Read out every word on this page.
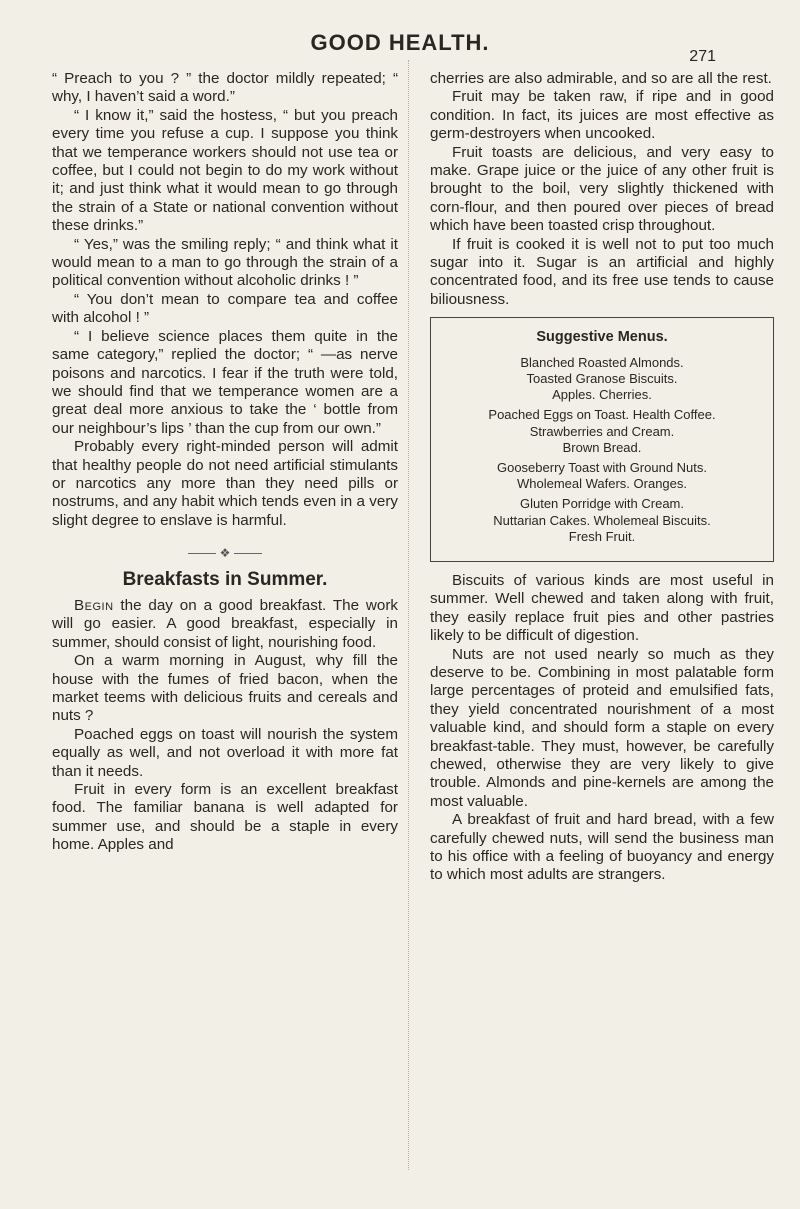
GOOD HEALTH.
271

“ Preach to you ? ” the doctor mildly repeated; “ why, I haven’t said a word.”

“ I know it,” said the hostess, “ but you preach every time you refuse a cup. I suppose you think that we temperance workers should not use tea or coffee, but I could not begin to do my work without it; and just think what it would mean to go through the strain of a State or national convention without these drinks.”

“ Yes,” was the smiling reply; “ and think what it would mean to a man to go through the strain of a political convention without alcoholic drinks ! ”

“ You don’t mean to compare tea and coffee with alcohol ! ”

“ I believe science places them quite in the same category,” replied the doctor; “ —as nerve poisons and narcotics. I fear if the truth were told, we should find that we temperance women are a great deal more anxious to take the ‘ bottle from our neighbour’s lips ’ than the cup from our own.”

Probably every right-minded person will admit that healthy people do not need artificial stimulants or narcotics any more than they need pills or nostrums, and any habit which tends even in a very slight degree to enslave is harmful.

❖
Breakfasts in Summer.

Begin the day on a good breakfast. The work will go easier. A good breakfast, especially in summer, should consist of light, nourishing food.

On a warm morning in August, why fill the house with the fumes of fried bacon, when the market teems with delicious fruits and cereals and nuts ?

Poached eggs on toast will nourish the system equally as well, and not overload it with more fat than it needs.

Fruit in every form is an excellent breakfast food. The familiar banana is well adapted for summer use, and should be a staple in every home. Apples and

cherries are also admirable, and so are all the rest.

Fruit may be taken raw, if ripe and in good condition. In fact, its juices are most effective as germ-destroyers when uncooked.

Fruit toasts are delicious, and very easy to make. Grape juice or the juice of any other fruit is brought to the boil, very slightly thickened with corn-flour, and then poured over pieces of bread which have been toasted crisp throughout.

If fruit is cooked it is well not to put too much sugar into it. Sugar is an artificial and highly concentrated food, and its free use tends to cause biliousness.

Suggestive Menus.
Blanched Roasted Almonds.
Toasted Granose Biscuits.
Apples. Cherries.
Poached Eggs on Toast. Health Coffee.
Strawberries and Cream.
Brown Bread.
Gooseberry Toast with Ground Nuts.
Wholemeal Wafers. Oranges.
Gluten Porridge with Cream.
Nuttarian Cakes. Wholemeal Biscuits.
Fresh Fruit.

Biscuits of various kinds are most useful in summer. Well chewed and taken along with fruit, they easily replace fruit pies and other pastries likely to be difficult of digestion.

Nuts are not used nearly so much as they deserve to be. Combining in most palatable form large percentages of proteid and emulsified fats, they yield concentrated nourishment of a most valuable kind, and should form a staple on every breakfast-table. They must, however, be carefully chewed, otherwise they are very likely to give trouble. Almonds and pine-kernels are among the most valuable.

A breakfast of fruit and hard bread, with a few carefully chewed nuts, will send the business man to his office with a feeling of buoyancy and energy to which most adults are strangers.
